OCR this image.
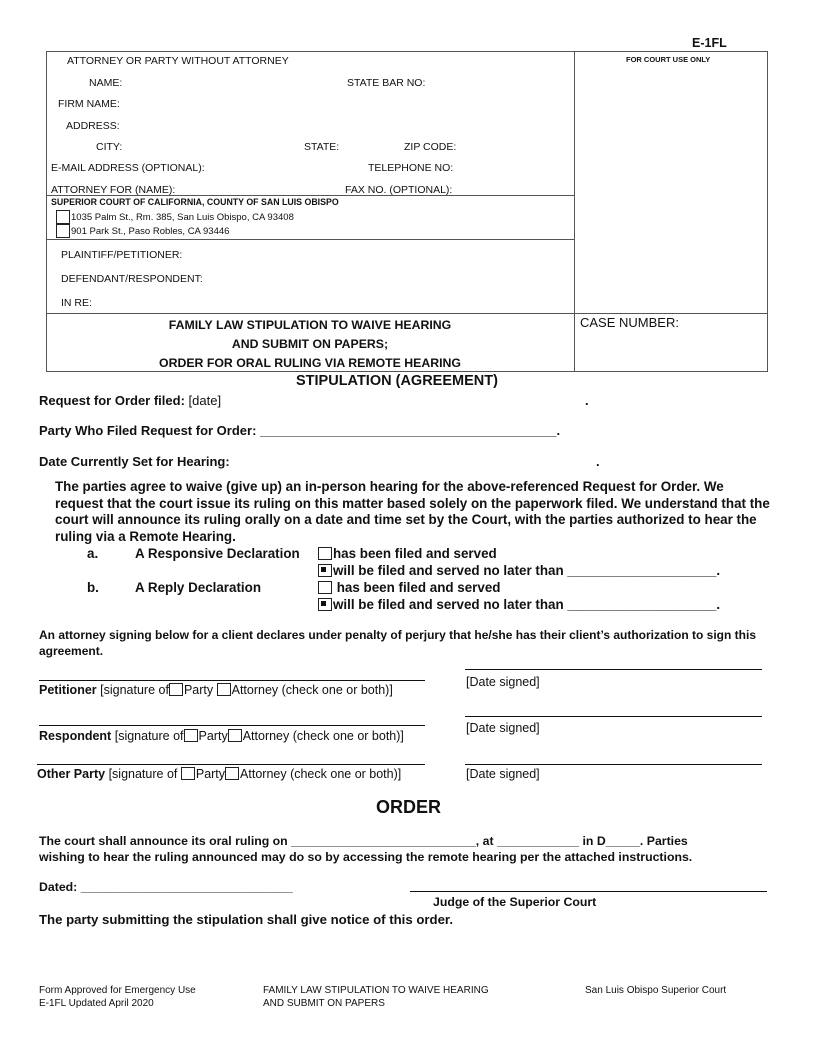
E-1FL
ATTORNEY OR PARTY WITHOUT ATTORNEY	FOR COURT USE ONLY
NAME:	STATE BAR NO:
FIRM NAME:
ADDRESS:
CITY:	STATE:	ZIP CODE:
E-MAIL ADDRESS (OPTIONAL):	TELEPHONE NO:
ATTORNEY FOR (NAME):	FAX NO. (OPTIONAL):
SUPERIOR COURT OF CALIFORNIA, COUNTY OF SAN LUIS OBISPO
1035 Palm St., Rm. 385, San Luis Obispo, CA 93408
901 Park St., Paso Robles, CA 93446
PLAINTIFF/PETITIONER:
DEFENDANT/RESPONDENT:
IN RE:
FAMILY LAW STIPULATION TO WAIVE HEARING
AND SUBMIT ON PAPERS;
ORDER FOR ORAL RULING VIA REMOTE HEARING
CASE NUMBER:
STIPULATION (AGREEMENT)
Request for Order filed: [date]	.
Party Who Filed Request for Order: _________________________________________.
Date Currently Set for Hearing:	.
The parties agree to waive (give up) an in-person hearing for the above-referenced Request for Order. We request that the court issue its ruling on this matter based solely on the paperwork filed. We understand that the court will announce its ruling orally on a date and time set by the Court, with the parties authorized to hear the ruling via a Remote Hearing.
a.	A Responsive Declaration	has been filed and served
will be filed and served no later than ____________________.
b.	A Reply Declaration	has been filed and served
will be filed and served no later than ____________________.
An attorney signing below for a client declares under penalty of perjury that he/she has their client’s authorization to sign this agreement.
Petitioner [signature of Party Attorney (check one or both)]
[Date signed]
Respondent [signature of Party Attorney (check one or both)]
[Date signed]
Other Party [signature of Party Attorney (check one or both)]	[Date signed]
ORDER
The court shall announce its oral ruling on ___________________________, at ____________ in D_____. Parties
wishing to hear the ruling announced may do so by accessing the remote hearing per the attached instructions.
Dated: _______________________________
Judge of the Superior Court
The party submitting the stipulation shall give notice of this order.
Form Approved for Emergency Use
E-1FL Updated April 2020
FAMILY LAW STIPULATION TO WAIVE HEARING
AND SUBMIT ON PAPERS
San Luis Obispo Superior Court
